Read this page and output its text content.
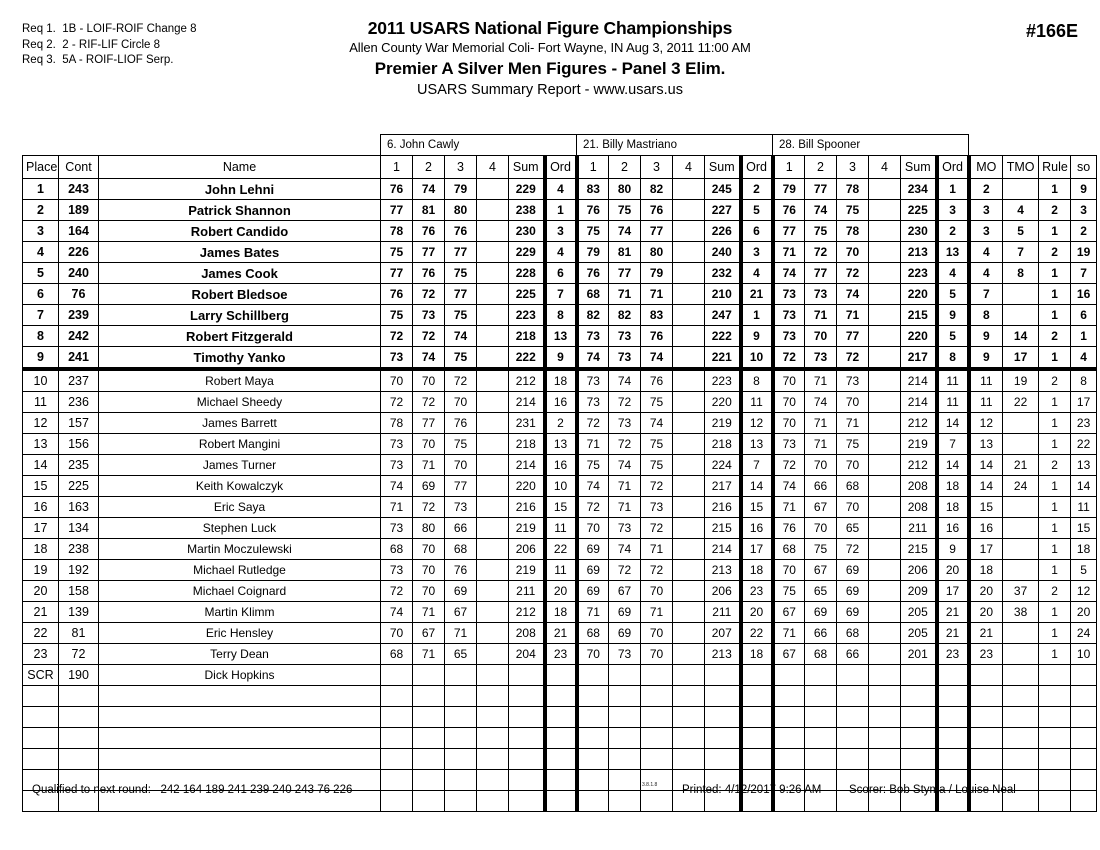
Req 1.  1B - LOIF-ROIF Change 8
Req 2.  2 - RIF-LIF Circle 8
Req 3.  5A - ROIF-LIOF Serp.
2011 USARS National Figure Championships
Allen County War Memorial Coli- Fort Wayne, IN Aug 3, 2011 11:00 AM
Premier A Silver Men Figures - Panel 3 Elim.
USARS Summary Report - www.usars.us
#166E
			6. John Cawly						21. Billy Mastriano						28. Bill Spooner									
Place	Cont	Name	1	2	3	4	Sum	Ord	1	2	3	4	Sum	Ord	1	2	3	4	Sum	Ord	MO	TMO	Rule	so
1	243	John Lehni	76	74	79		229	4	83	80	82		245	2	79	77	78		234	1	2		1	9
2	189	Patrick Shannon	77	81	80		238	1	76	75	76		227	5	76	74	75		225	3	3	4	2	3
3	164	Robert Candido	78	76	76		230	3	75	74	77		226	6	77	75	78		230	2	3	5	1	2
4	226	James Bates	75	77	77		229	4	79	81	80		240	3	71	72	70		213	13	4	7	2	19
5	240	James Cook	77	76	75		228	6	76	77	79		232	4	74	77	72		223	4	4	8	1	7
6	76	Robert Bledsoe	76	72	77		225	7	68	71	71		210	21	73	73	74		220	5	7		1	16
7	239	Larry Schillberg	75	73	75		223	8	82	82	83		247	1	73	71	71		215	9	8		1	6
8	242	Robert Fitzgerald	72	72	74		218	13	73	73	76		222	9	73	70	77		220	5	9	14	2	1
9	241	Timothy Yanko	73	74	75		222	9	74	73	74		221	10	72	73	72		217	8	9	17	1	4
10	237	Robert Maya	70	70	72		212	18	73	74	76		223	8	70	71	73		214	11	11	19	2	8
11	236	Michael Sheedy	72	72	70		214	16	73	72	75		220	11	70	74	70		214	11	11	22	1	17
12	157	James Barrett	78	77	76		231	2	72	73	74		219	12	70	71	71		212	14	12		1	23
13	156	Robert Mangini	73	70	75		218	13	71	72	75		218	13	73	71	75		219	7	13		1	22
14	235	James Turner	73	71	70		214	16	75	74	75		224	7	72	70	70		212	14	14	21	2	13
15	225	Keith Kowalczyk	74	69	77		220	10	74	71	72		217	14	74	66	68		208	18	14	24	1	14
16	163	Eric Saya	71	72	73		216	15	72	71	73		216	15	71	67	70		208	18	15		1	11
17	134	Stephen Luck	73	80	66		219	11	70	73	72		215	16	76	70	65		211	16	16		1	15
18	238	Martin Moczulewski	68	70	68		206	22	69	74	71		214	17	68	75	72		215	9	17		1	18
19	192	Michael Rutledge	73	70	76		219	11	69	72	72		213	18	70	67	69		206	20	18		1	5
20	158	Michael Coignard	72	70	69		211	20	69	67	70		206	23	75	65	69		209	17	20	37	2	12
21	139	Martin Klimm	74	71	67		212	18	71	69	71		211	20	67	69	69		205	21	20	38	1	20
22	81	Eric Hensley	70	67	71		208	21	68	69	70		207	22	71	66	68		205	21	21		1	24
23	72	Terry Dean	68	71	65		204	23	70	73	70		213	18	67	68	66		201	23	23		1	10
SCR	190	Dick Hopkins																						

Qualified to next round: 242 164 189 241 239 240 243 76 226	3.8.1.8 Printed: 4/12/2017 9:26 AM Scorer: Bob Styma / Louise Neal
